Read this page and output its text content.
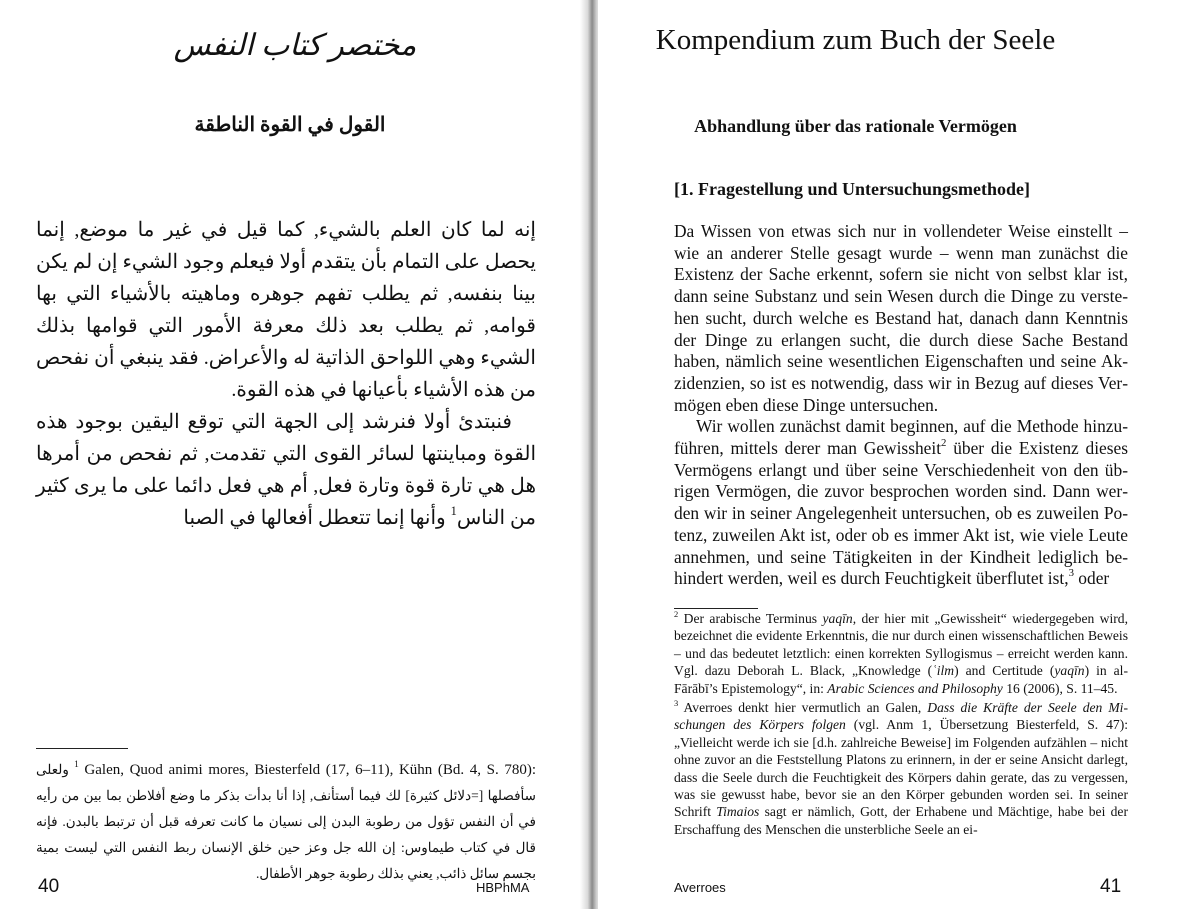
مختصر كتاب النفس
القول في القوة الناطقة

إنه لما كان العلم بالشيء, كما قيل في غير ما موضع, إنما يحصل على التمام بأن يتقدم أولا فيعلم وجود الشيء إن لم يكن بينا بنفسه, ثم يطلب تفهم جوهره وماهيته بالأشياء التي بها قوامه, ثم يطلب بعد ذلك معرفة الأمور التي قوامها بذلك الشيء وهي اللواحق الذاتية له والأعراض. فقد ينبغي أن نفحص من هذه الأشياء بأعيانها في هذه القوة.

فنبتدئ أولا فنرشد إلى الجهة التي توقع اليقين بوجود هذه القوة ومباينتها لسائر القوى التي تقدمت, ثم نفحص من أمرها هل هي تارة قوة وتارة فعل, أم هي فعل دائما على ما يرى كثير من الناس$^1$ وأنها إنما تتعطل أفعالها في الصبا

$^1$ Galen, Quod animi mores, Biesterfeld (17, 6–11), Kühn (Bd. 4, S. 780): ولعلى سأفصلها [=دلائل كثيرة] لك فيما أستأنف, إذا أنا بدأت بذكر ما وضع أفلاطن بما بين من رأيه في أن النفس تؤول من رطوبة البدن إلى نسيان ما كانت تعرفه قبل أن ترتبط بالبدن. فإنه قال في كتاب طيماوس: إن الله جل وعز حين خلق الإنسان ربط النفس التي ليست بمية بجسم سائل ذائب, يعني بذلك رطوبة جوهر الأطفال.
40	HBPhMA
Kompendium zum Buch der Seele
Abhandlung über das rationale Vermögen
[1. Fragestellung und Untersuchungsmethode]

Da Wissen von etwas sich nur in vollendeter Weise einstellt – wie an anderer Stelle gesagt wurde – wenn man zunächst die Existenz der Sache erkennt, sofern sie nicht von selbst klar ist, dann seine Substanz und sein Wesen durch die Dinge zu verstehen sucht, durch welche es Bestand hat, danach dann Kenntnis der Dinge zu erlangen sucht, die durch diese Sache Bestand haben, nämlich seine wesentlichen Eigenschaften und seine Akzidenzien, so ist es notwendig, dass wir in Bezug auf dieses Vermögen eben diese Dinge untersuchen.

Wir wollen zunächst damit beginnen, auf die Methode hinzuführen, mittels derer man Gewissheit$^2$ über die Existenz dieses Vermögens erlangt und über seine Verschiedenheit von den übrigen Vermögen, die zuvor besprochen worden sind. Dann werden wir in seiner Angelegenheit untersuchen, ob es zuweilen Potenz, zuweilen Akt ist, oder ob es immer Akt ist, wie viele Leute annehmen, und seine Tätigkeiten in der Kindheit lediglich behindert werden, weil es durch Feuchtigkeit überflutet ist,$^3$ oder

$^2$ Der arabische Terminus yaqīn, der hier mit „Gewissheit“ wiedergegeben wird, bezeichnet die evidente Erkenntnis, die nur durch einen wissenschaftlichen Beweis – und das bedeutet letztlich: einen korrekten Syllogismus – erreicht werden kann. Vgl. dazu Deborah L. Black, „Knowledge (ʿilm) and Certitude (yaqīn) in al-Fārābī’s Epistemology“, in: Arabic Sciences and Philosophy 16 (2006), S. 11–45.

$^3$ Averroes denkt hier vermutlich an Galen, Dass die Kräfte der Seele den Mischungen des Körpers folgen (vgl. Anm 1, Übersetzung Biesterfeld, S. 47): „Vielleicht werde ich sie [d.h. zahlreiche Beweise] im Folgenden aufzählen – nicht ohne zuvor an die Feststellung Platons zu erinnern, in der er seine Ansicht darlegt, dass die Seele durch die Feuchtigkeit des Körpers dahin gerate, das zu vergessen, was sie gewusst habe, bevor sie an den Körper gebunden worden sei. In seiner Schrift Timaios sagt er nämlich, Gott, der Erhabene und Mächtige, habe bei der Erschaffung des Menschen die unsterbliche Seele an ei-

Averroes	41
